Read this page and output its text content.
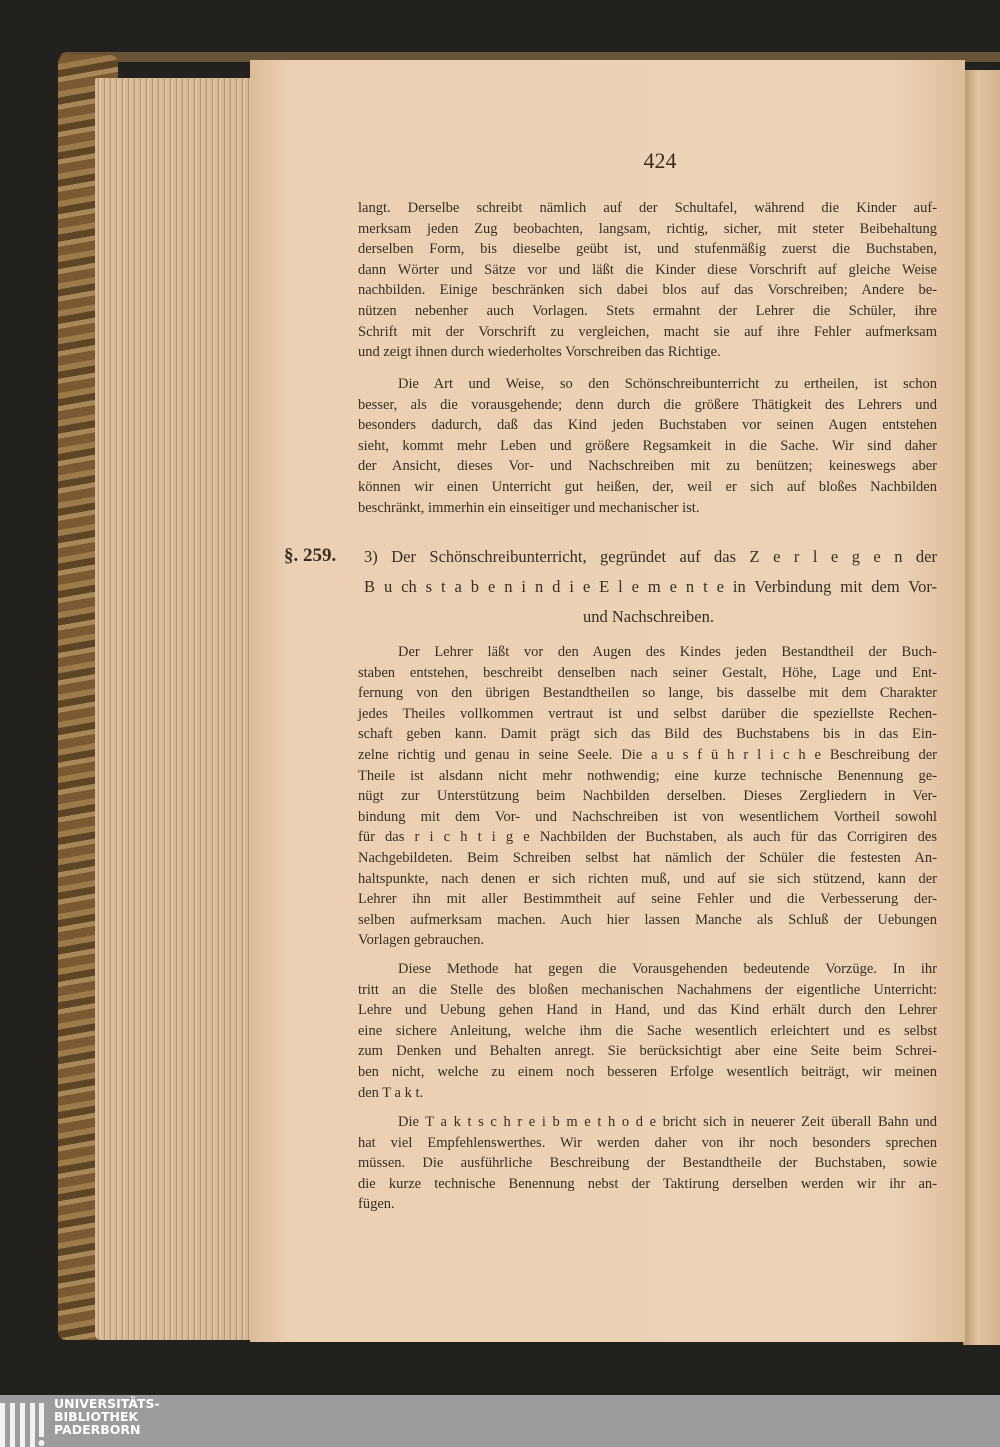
424
§. 259. 3) Der Schönschreibunterricht, gegründet auf das Z e r l e g e n der
B u ch s t a b e n i n d i e E l e m e n t e in Verbindung mit dem Vor-
und Nachschreiben.
langt. Derselbe schreibt nämlich auf der Schultafel, während die Kinder auf-
merksam jeden Zug beobachten, langsam, richtig, sicher, mit steter Beibehaltung
derselben Form, bis dieselbe geübt ist, und stufenmäßig zuerst die Buchstaben,
dann Wörter und Sätze vor und läßt die Kinder diese Vorschrift auf gleiche Weise
nachbilden. Einige beschränken sich dabei blos auf das Vorschreiben; Andere be-
nützen nebenher auch Vorlagen. Stets ermahnt der Lehrer die Schüler, ihre
Schrift mit der Vorschrift zu vergleichen, macht sie auf ihre Fehler aufmerksam
und zeigt ihnen durch wiederholtes Vorschreiben das Richtige.
Die Art und Weise, so den Schönschreibunterricht zu ertheilen, ist schon
besser, als die vorausgehende; denn durch die größere Thätigkeit des Lehrers und
besonders dadurch, daß das Kind jeden Buchstaben vor seinen Augen entstehen
sieht, kommt mehr Leben und größere Regsamkeit in die Sache. Wir sind daher
der Ansicht, dieses Vor- und Nachschreiben mit zu benützen; keineswegs aber
können wir einen Unterricht gut heißen, der, weil er sich auf bloßes Nachbilden
beschränkt, immerhin ein einseitiger und mechanischer ist.
Der Lehrer läßt vor den Augen des Kindes jeden Bestandtheil der Buch-
staben entstehen, beschreibt denselben nach seiner Gestalt, Höhe, Lage und Ent-
fernung von den übrigen Bestandtheilen so lange, bis dasselbe mit dem Charakter
jedes Theiles vollkommen vertraut ist und selbst darüber die speziellste Rechen-
schaft geben kann. Damit prägt sich das Bild des Buchstabens bis in das Ein-
zelne richtig und genau in seine Seele. Die a u s f ü h r l i c h e Beschreibung der
Theile ist alsdann nicht mehr nothwendig; eine kurze technische Benennung ge-
nügt zur Unterstützung beim Nachbilden derselben. Dieses Zergliedern in Ver-
bindung mit dem Vor- und Nachschreiben ist von wesentlichem Vortheil sowohl
für das r i c h t i g e Nachbilden der Buchstaben, als auch für das Corrigiren des
Nachgebildeten. Beim Schreiben selbst hat nämlich der Schüler die festesten An-
haltspunkte, nach denen er sich richten muß, und auf sie sich stützend, kann der
Lehrer ihn mit aller Bestimmtheit auf seine Fehler und die Verbesserung der-
selben aufmerksam machen. Auch hier lassen Manche als Schluß der Uebungen
Vorlagen gebrauchen.
Diese Methode hat gegen die Vorausgehenden bedeutende Vorzüge. In ihr
tritt an die Stelle des bloßen mechanischen Nachahmens der eigentliche Unterricht:
Lehre und Uebung gehen Hand in Hand, und das Kind erhält durch den Lehrer
eine sichere Anleitung, welche ihm die Sache wesentlich erleichtert und es selbst
zum Denken und Behalten anregt. Sie berücksichtigt aber eine Seite beim Schrei-
ben nicht, welche zu einem noch besseren Erfolge wesentlich beiträgt, wir meinen
den T a k t.
Die T a k t s c h r e i b m e t h o d e bricht sich in neuerer Zeit überall Bahn und
hat viel Empfehlenswerthes. Wir werden daher von ihr noch besonders sprechen
müssen. Die ausführliche Beschreibung der Bestandtheile der Buchstaben, sowie
die kurze technische Benennung nebst der Taktirung derselben werden wir ihr an-
fügen.
UNIVERSITÄTS-
BIBLIOTHEK
PADERBORN
